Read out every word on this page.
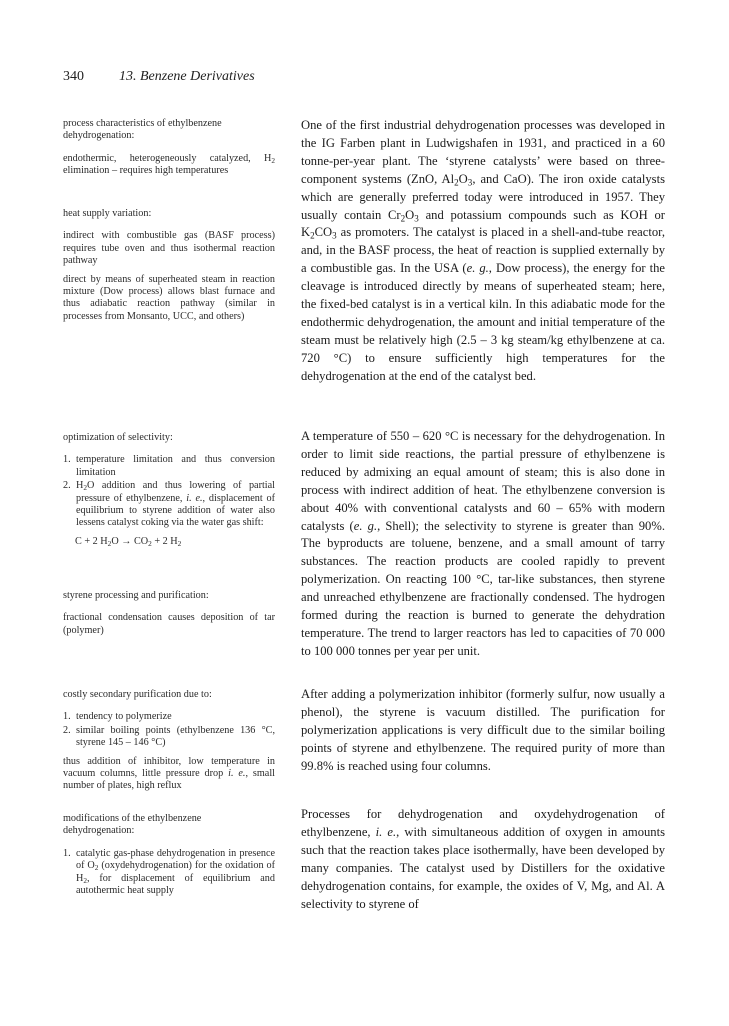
340	13. Benzene Derivatives

process characteristics of ethylbenzene dehydrogenation:

endothermic, heterogeneously catalyzed, $H_2$ elimination – requires high temperatures

heat supply variation:

indirect with combustible gas (BASF process) requires tube oven and thus isothermal reaction pathway

direct by means of superheated steam in reaction mixture (Dow process) allows blast furnace and thus adiabatic reaction pathway (similar in processes from Monsanto, UCC, and others)

optimization of selectivity:

1. temperature limitation and thus conversion limitation
2. $H_2O$ addition and thus lowering of partial pressure of ethylbenzene, i. e., displacement of equilibrium to styrene addition of water also lessens catalyst coking via the water gas shift:
C + 2 $H_2O \to CO_2 + 2$ $H_2$

styrene processing and purification:

fractional condensation causes deposition of tar (polymer)

costly secondary purification due to:

1. tendency to polymerize
2. similar boiling points (ethylbenzene 136 °C, styrene 145 – 146 °C)

thus addition of inhibitor, low temperature in vacuum columns, little pressure drop i. e., small number of plates, high reflux

modifications of the ethylbenzene dehydrogenation:

1. catalytic gas-phase dehydrogenation in presence of $O_2$ (oxydehydrogenation) for the oxidation of $H_2$, for displacement of equilibrium and autothermic heat supply

One of the first industrial dehydrogenation processes was developed in the IG Farben plant in Ludwigshafen in 1931, and practiced in a 60 tonne-per-year plant. The ‘styrene catalysts’ were based on three-component systems (ZnO, $Al_2O_3$, and CaO). The iron oxide catalysts which are generally preferred today were introduced in 1957. They usually contain $Cr_2O_3$ and potassium compounds such as KOH or $K_2CO_3$ as promoters. The catalyst is placed in a shell-and-tube reactor, and, in the BASF process, the heat of reaction is supplied externally by a combustible gas. In the USA (e. g., Dow process), the energy for the cleavage is introduced directly by means of superheated steam; here, the fixed-bed catalyst is in a vertical kiln. In this adiabatic mode for the endothermic dehydrogenation, the amount and initial temperature of the steam must be relatively high (2.5 – 3 kg steam/kg ethylbenzene at ca. 720 °C) to ensure sufficiently high temperatures for the dehydrogenation at the end of the catalyst bed.

A temperature of 550 – 620 °C is necessary for the dehydrogenation. In order to limit side reactions, the partial pressure of ethylbenzene is reduced by admixing an equal amount of steam; this is also done in process with indirect addition of heat. The ethylbenzene conversion is about 40% with conventional catalysts and 60 – 65% with modern catalysts (e. g., Shell); the selectivity to styrene is greater than 90%. The byproducts are toluene, benzene, and a small amount of tarry substances. The reaction products are cooled rapidly to prevent polymerization. On reacting 100 °C, tar-like substances, then styrene and unreached ethylbenzene are fractionally condensed. The hydrogen formed during the reaction is burned to generate the dehydration temperature. The trend to larger reactors has led to capacities of 70 000 to 100 000 tonnes per year per unit.

After adding a polymerization inhibitor (formerly sulfur, now usually a phenol), the styrene is vacuum distilled. The purification for polymerization applications is very difficult due to the similar boiling points of styrene and ethylbenzene. The required purity of more than 99.8% is reached using four columns.

Processes for dehydrogenation and oxydehydrogenation of ethylbenzene, i. e., with simultaneous addition of oxygen in amounts such that the reaction takes place isothermally, have been developed by many companies. The catalyst used by Distillers for the oxidative dehydrogenation contains, for example, the oxides of V, Mg, and Al. A selectivity to styrene of
